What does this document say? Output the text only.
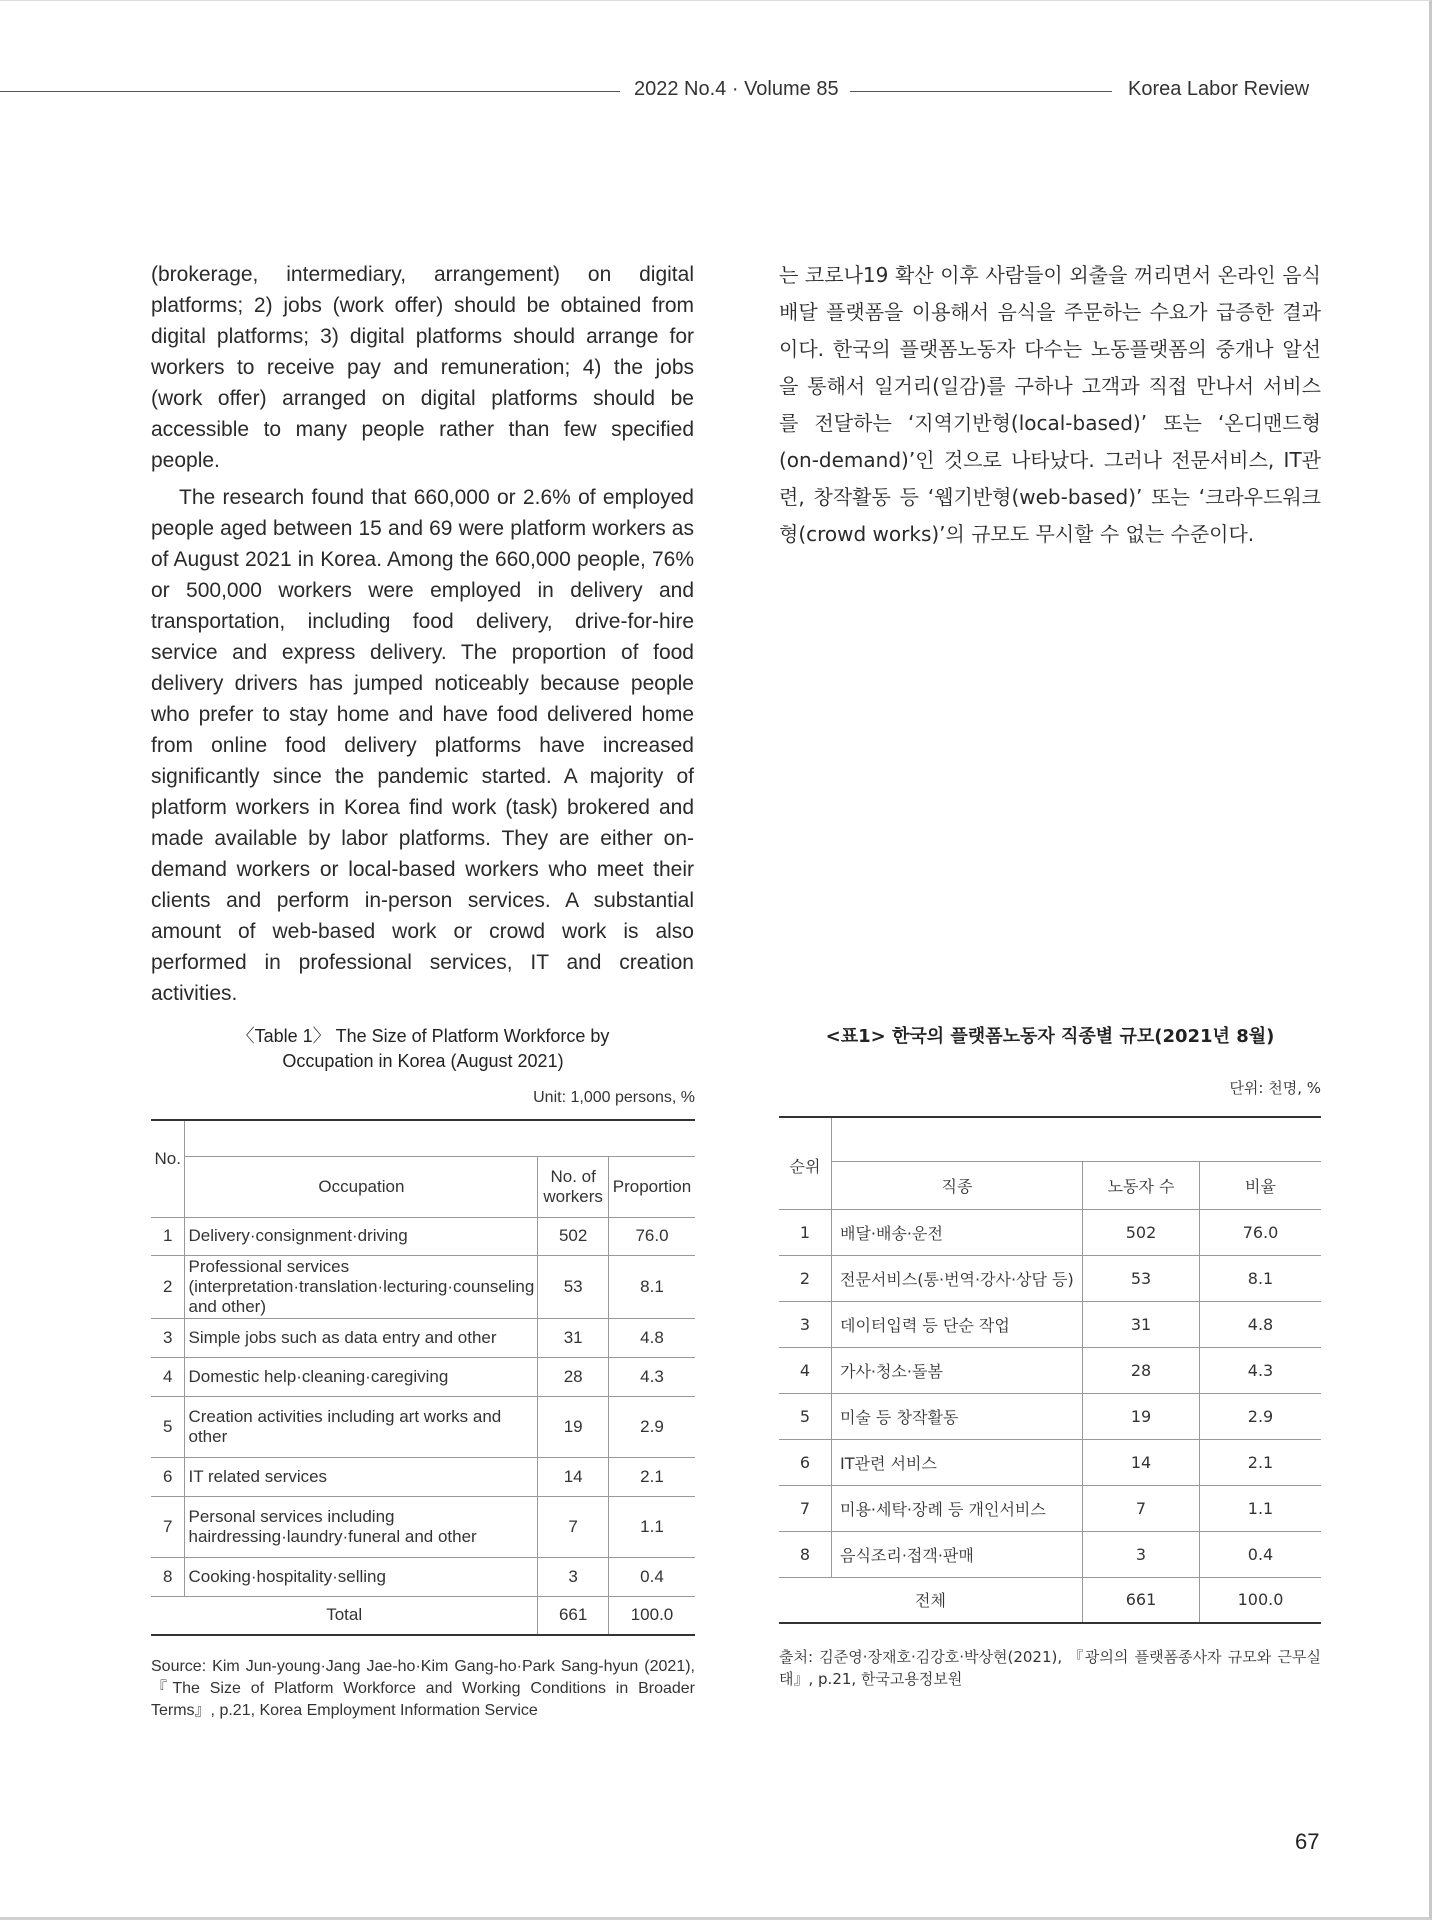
2022 No.4 · Volume 85	Korea Labor Review

(brokerage, intermediary, arrangement) on digital platforms; 2) jobs (work offer) should be obtained from digital platforms; 3) digital platforms should arrange for workers to receive pay and remuneration; 4) the jobs (work offer) arranged on digital platforms should be accessible to many people rather than few specified people.

The research found that 660,000 or 2.6% of employed people aged between 15 and 69 were platform workers as of August 2021 in Korea. Among the 660,000 people, 76% or 500,000 workers were employed in delivery and transportation, including food delivery, drive-for-hire service and express delivery. The proportion of food delivery drivers has jumped noticeably because people who prefer to stay home and have food delivered home from online food delivery platforms have increased significantly since the pandemic started. A majority of platform workers in Korea find work (task) brokered and made available by labor platforms. They are either on-demand workers or local-based workers who meet their clients and perform in-person services. A substantial amount of web-based work or crowd work is also performed in professional services, IT and creation activities.

는 코로나19 확산 이후 사람들이 외출을 꺼리면서 온라인 음식배달 플랫폼을 이용해서 음식을 주문하는 수요가 급증한 결과이다. 한국의 플랫폼노동자 다수는 노동플랫폼의 중개나 알선을 통해서 일거리(일감)를 구하나 고객과 직접 만나서 서비스를 전달하는 ‘지역기반형(local-based)’ 또는 ‘온디맨드형(on-demand)’인 것으로 나타났다. 그러나 전문서비스, IT관련, 창작활동 등 ‘웹기반형(web-based)’ 또는 ‘크라우드워크형(crowd works)’의 규모도 무시할 수 없는 수준이다.

〈Table 1〉 The Size of Platform Workforce by
Occupation in Korea (August 2021)
Unit: 1,000 persons, %
No.			
	Occupation	No. of workers	Proportion
1	Delivery·consignment·driving	502	76.0
2	Professional services (interpretation·translation·lecturing·counseling and other)	53	8.1
3	Simple jobs such as data entry and other	31	4.8
4	Domestic help·cleaning·caregiving	28	4.3
5	Creation activities including art works and other	19	2.9
6	IT related services	14	2.1
7	Personal services including hairdressing·laundry·funeral and other	7	1.1
8	Cooking·hospitality·selling	3	0.4
Total		661	100.0
Source: Kim Jun-young·Jang Jae-ho·Kim Gang-ho·Park Sang-hyun (2021), 『The Size of Platform Workforce and Working Conditions in Broader Terms』, p.21, Korea Employment Information Service
<표1> 한국의 플랫폼노동자 직종별 규모(2021년 8월)
단위: 천명, %
순위			
	직종	노동자 수	비율
1	배달·배송·운전	502	76.0
2	전문서비스(통·번역·강사·상담 등)	53	8.1
3	데이터입력 등 단순 작업	31	4.8
4	가사·청소·돌봄	28	4.3
5	미술 등 창작활동	19	2.9
6	IT관련 서비스	14	2.1
7	미용·세탁·장례 등 개인서비스	7	1.1
8	음식조리·접객·판매	3	0.4
전체		661	100.0
출처: 김준영·장재호·김강호·박상현(2021), 『광의의 플랫폼종사자 규모와 근무실태』, p.21, 한국고용정보원
67
